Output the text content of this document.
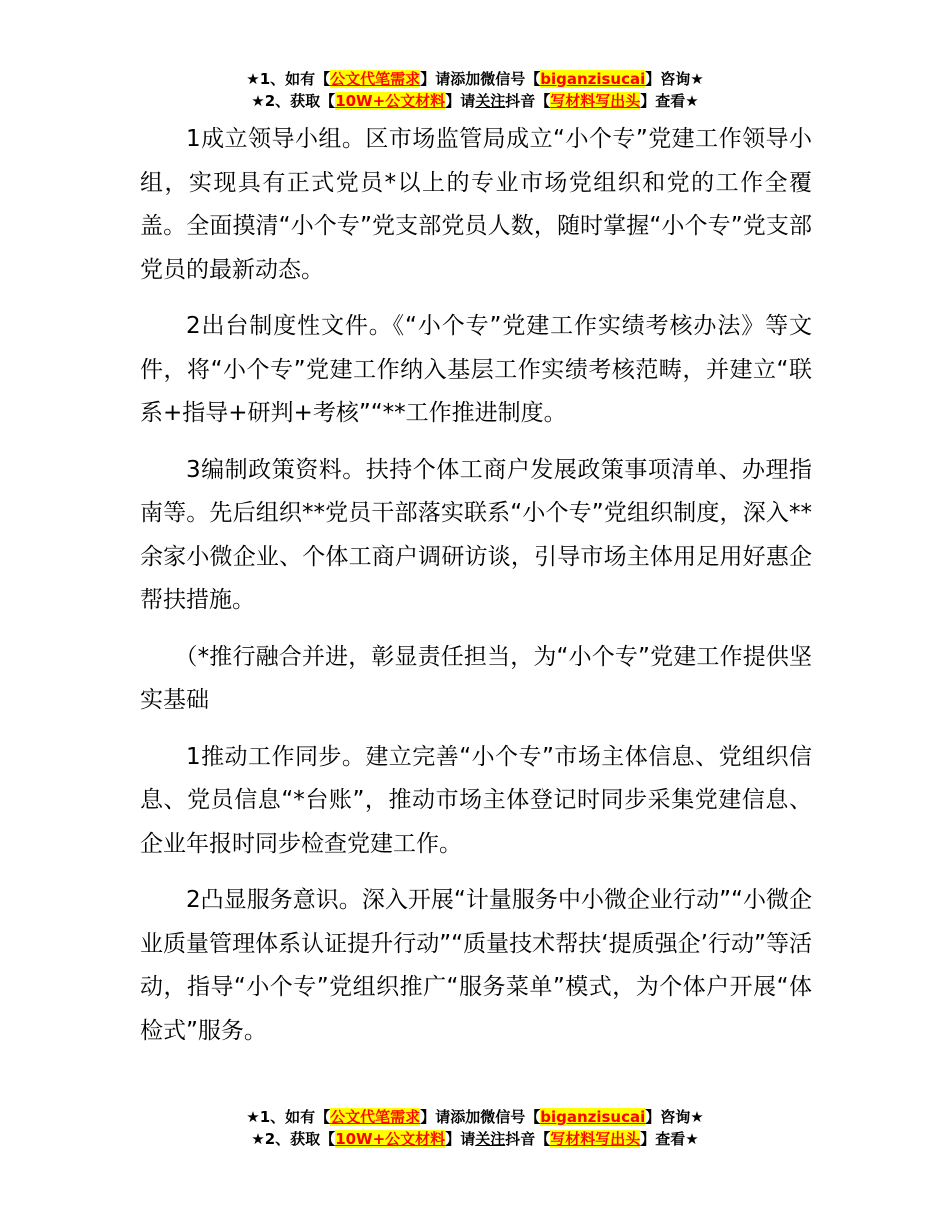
★1、如有【公文代笔需求】请添加微信号【biganzisucai】咨询★
★2、获取【10W+公文材料】请关注抖音【写材料写出头】查看★

1成立领导小组。区市场监管局成立“小个专”党建工作领导小组，实现具有正式党员*以上的专业市场党组织和党的工作全覆盖。全面摸清“小个专”党支部党员人数，随时掌握“小个专”党支部党员的最新动态。

2出台制度性文件。《“小个专”党建工作实绩考核办法》等文件，将“小个专”党建工作纳入基层工作实绩考核范畴，并建立“联系+指导+研判+考核”“**工作推进制度。

3编制政策资料。扶持个体工商户发展政策事项清单、办理指南等。先后组织**党员干部落实联系“小个专”党组织制度，深入**余家小微企业、个体工商户调研访谈，引导市场主体用足用好惠企帮扶措施。

（*推行融合并进，彰显责任担当，为“小个专”党建工作提供坚实基础

1推动工作同步。建立完善“小个专”市场主体信息、党组织信息、党员信息“*台账”，推动市场主体登记时同步采集党建信息、企业年报时同步检查党建工作。

2凸显服务意识。深入开展“计量服务中小微企业行动”“小微企业质量管理体系认证提升行动”“质量技术帮扶‘提质强企’行动”等活动，指导“小个专”党组织推广“服务菜单”模式，为个体户开展“体检式”服务。

★1、如有【公文代笔需求】请添加微信号【biganzisucai】咨询★
★2、获取【10W+公文材料】请关注抖音【写材料写出头】查看★
